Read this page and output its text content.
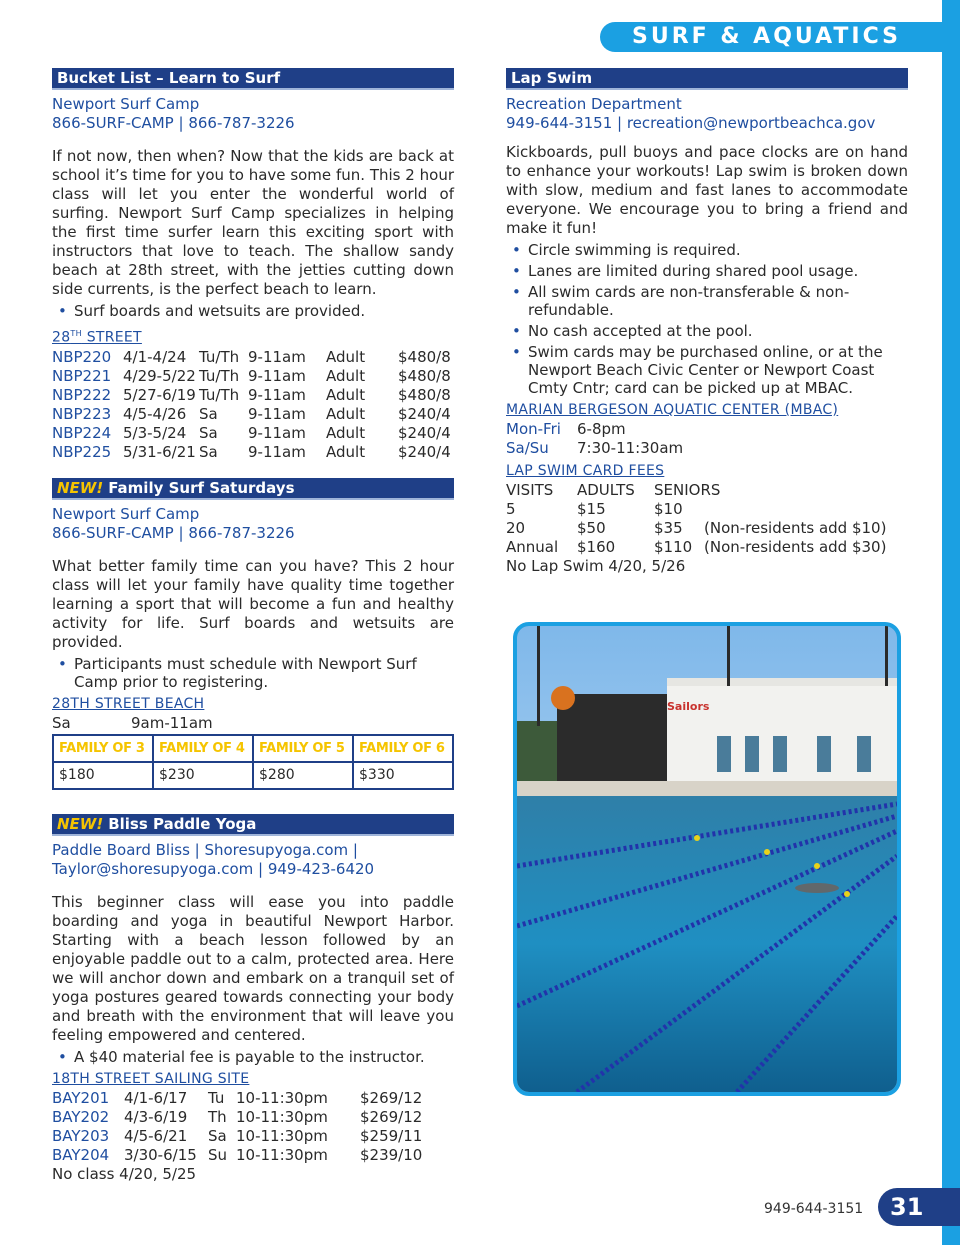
SURF & AQUATICS
Bucket List – Learn to Surf
Newport Surf Camp
866-SURF-CAMP | 866-787-3226
If not now, then when? Now that the kids are back at school it’s time for you to have some fun. This 2 hour class will let you enter the wonderful world of surfing. Newport Surf Camp specializes in helping the first time surfer learn this exciting sport with instructors that love to teach. The shallow sandy beach at 28th street, with the jetties cutting down side currents, is the perfect beach to learn.
• Surf boards and wetsuits are provided.
28TH STREET
NBP220 4/1-4/24 Tu/Th 9-11am Adult $480/8
NBP221 4/29-5/22 Tu/Th 9-11am Adult $480/8
NBP222 5/27-6/19 Tu/Th 9-11am Adult $480/8
NBP223 4/5-4/26 Sa 9-11am Adult $240/4
NBP224 5/3-5/24 Sa 9-11am Adult $240/4
NBP225 5/31-6/21 Sa 9-11am Adult $240/4
NEW! Family Surf Saturdays
Newport Surf Camp
866-SURF-CAMP | 866-787-3226
What better family time can you have? This 2 hour class will let your family have quality time together learning a sport that will become a fun and healthy activity for life. Surf boards and wetsuits are provided.
• Participants must schedule with Newport Surf Camp prior to registering.
28TH STREET BEACH
Sa	9am-11am
FAMILY OF 3	FAMILY OF 4	FAMILY OF 5	FAMILY OF 6
$180	$230	$280	$330
NEW! Bliss Paddle Yoga
Paddle Board Bliss | Shoresupyoga.com |
Taylor@shoresupyoga.com | 949-423-6420
This beginner class will ease you into paddle boarding and yoga in beautiful Newport Harbor. Starting with a beach lesson followed by an enjoyable paddle out to a calm, protected area. Here we will anchor down and embark on a tranquil set of yoga postures geared towards connecting your body and breath with the environment that will leave you feeling empowered and centered.
• A $40 material fee is payable to the instructor.
18TH STREET SAILING SITE
BAY201 4/1-6/17 Tu 10-11:30pm $269/12
BAY202 4/3-6/19 Th 10-11:30pm $269/12
BAY203 4/5-6/21 Sa 10-11:30pm $259/11
BAY204 3/30-6/15 Su 10-11:30pm $239/10
No class 4/20, 5/25
Lap Swim
Recreation Department
949-644-3151 | recreation@newportbeachca.gov
Kickboards, pull buoys and pace clocks are on hand to enhance your workouts! Lap swim is broken down with slow, medium and fast lanes to accommodate everyone. We encourage you to bring a friend and make it fun!
• Circle swimming is required.
• Lanes are limited during shared pool usage.
• All swim cards are non-transferable & non-refundable.
• No cash accepted at the pool.
• Swim cards may be purchased online, or at the Newport Beach Civic Center or Newport Coast Cmty Cntr; card can be picked up at MBAC.
MARIAN BERGESON AQUATIC CENTER (MBAC)
Mon-Fri 6-8pm
Sa/Su 7:30-11:30am
LAP SWIM CARD FEES
VISITS ADULTS SENIORS
5	$15	$10
20	$50	$35 (Non-residents add $10)
Annual $160	$110 (Non-residents add $30)
No Lap Swim 4/20, 5/26
Sailors
949-644-3151	31
